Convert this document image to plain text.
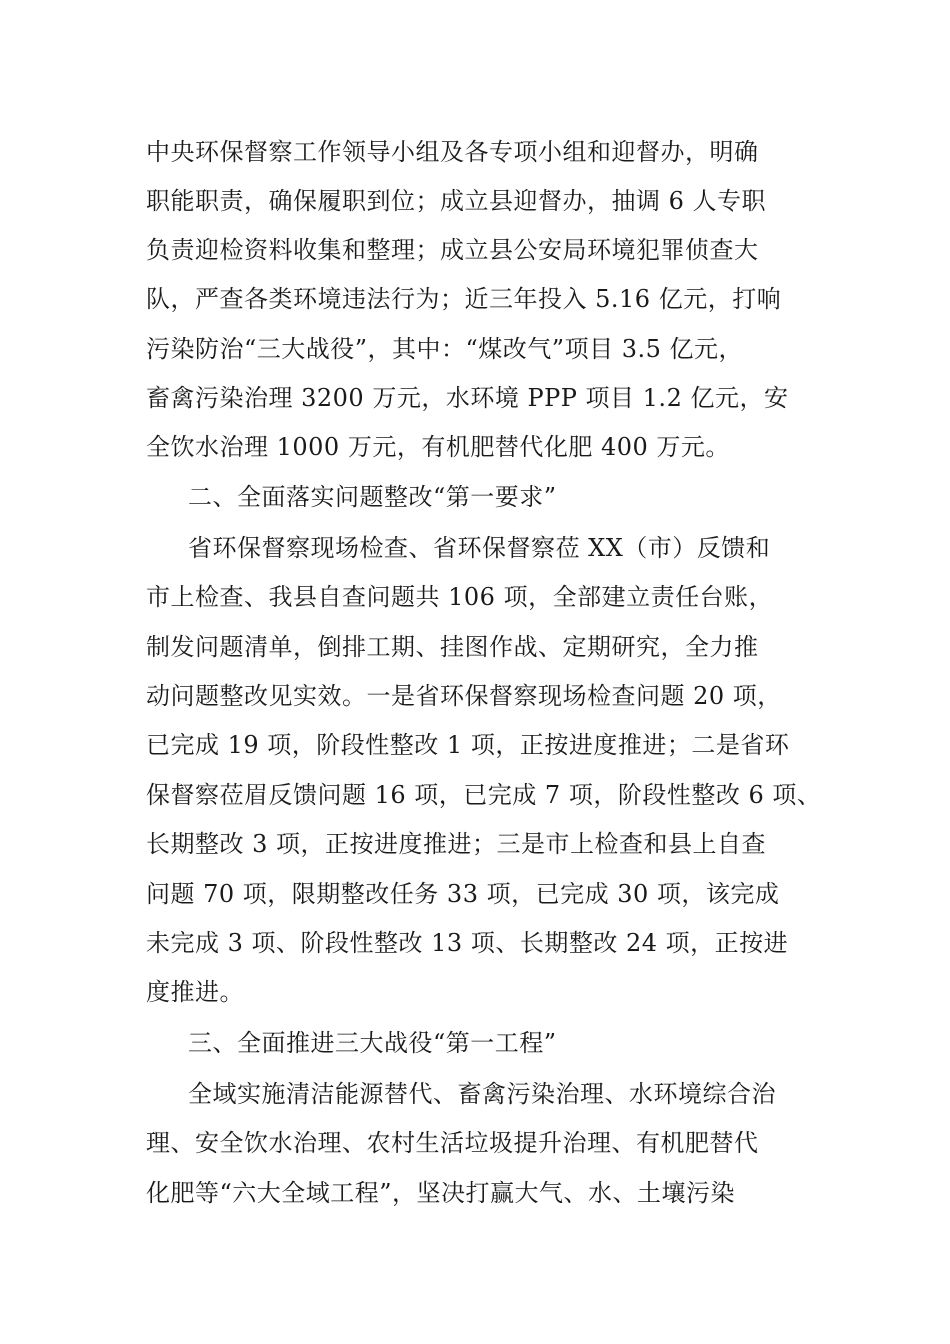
中央环保督察工作领导小组及各专项小组和迎督办，明确
职能职责，确保履职到位；成立县迎督办，抽调 6 人专职
负责迎检资料收集和整理；成立县公安局环境犯罪侦查大
队，严查各类环境违法行为；近三年投入 5.16 亿元，打响
污染防治“三大战役”，其中：“煤改气”项目 3.5 亿元，
畜禽污染治理 3200 万元，水环境 PPP 项目 1.2 亿元，安
全饮水治理 1000 万元，有机肥替代化肥 400 万元。
二、全面落实问题整改“第一要求”
省环保督察现场检查、省环保督察莅 XX（市）反馈和
市上检查、我县自查问题共 106 项，全部建立责任台账，
制发问题清单，倒排工期、挂图作战、定期研究，全力推
动问题整改见实效。一是省环保督察现场检查问题 20 项，
已完成 19 项，阶段性整改 1 项，正按进度推进；二是省环
保督察莅眉反馈问题 16 项，已完成 7 项，阶段性整改 6 项、
长期整改 3 项，正按进度推进；三是市上检查和县上自查
问题 70 项，限期整改任务 33 项，已完成 30 项，该完成
未完成 3 项、阶段性整改 13 项、长期整改 24 项，正按进
度推进。
三、全面推进三大战役“第一工程”
全域实施清洁能源替代、畜禽污染治理、水环境综合治
理、安全饮水治理、农村生活垃圾提升治理、有机肥替代
化肥等“六大全域工程”，坚决打赢大气、水、土壤污染
